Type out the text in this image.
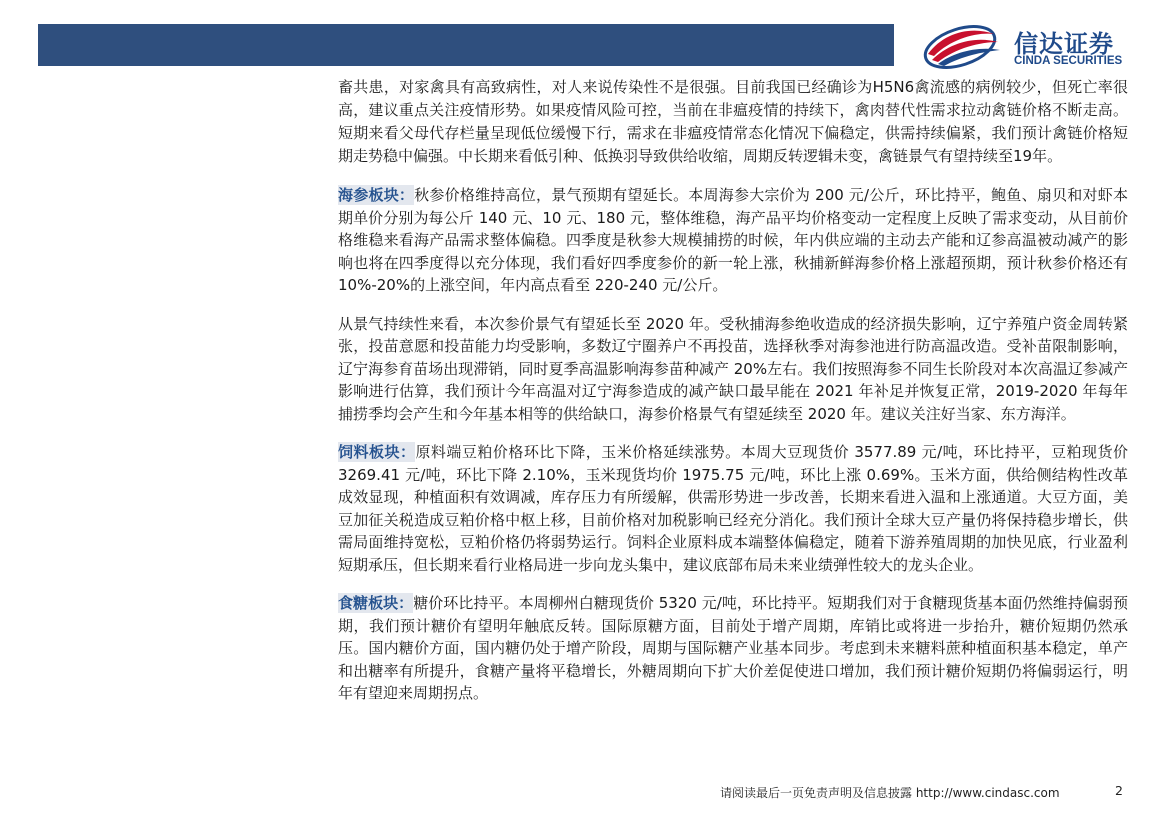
信达证券
CINDA SECURITIES

畜共患，对家禽具有高致病性，对人来说传染性不是很强。目前我国已经确诊为H5N6禽流感的病例较少，但死亡率很高，建议重点关注疫情形势。如果疫情风险可控，当前在非瘟疫情的持续下，禽肉替代性需求拉动禽链价格不断走高。短期来看父母代存栏量呈现低位缓慢下行，需求在非瘟疫情常态化情况下偏稳定，供需持续偏紧，我们预计禽链价格短期走势稳中偏强。中长期来看低引种、低换羽导致供给收缩，周期反转逻辑未变，禽链景气有望持续至19年。

海参板块：秋参价格维持高位，景气预期有望延长。本周海参大宗价为 200 元/公斤，环比持平，鲍鱼、扇贝和对虾本期单价分别为每公斤 140 元、10 元、180 元，整体维稳，海产品平均价格变动一定程度上反映了需求变动，从目前价格维稳来看海产品需求整体偏稳。四季度是秋参大规模捕捞的时候，年内供应端的主动去产能和辽参高温被动减产的影响也将在四季度得以充分体现，我们看好四季度参价的新一轮上涨，秋捕新鲜海参价格上涨超预期，预计秋参价格还有 10%-20%的上涨空间，年内高点看至 220-240 元/公斤。

从景气持续性来看，本次参价景气有望延长至 2020 年。受秋捕海参绝收造成的经济损失影响，辽宁养殖户资金周转紧张，投苗意愿和投苗能力均受影响，多数辽宁圈养户不再投苗，选择秋季对海参池进行防高温改造。受补苗限制影响，辽宁海参育苗场出现滞销，同时夏季高温影响海参苗种减产 20%左右。我们按照海参不同生长阶段对本次高温辽参减产影响进行估算，我们预计今年高温对辽宁海参造成的减产缺口最早能在 2021 年补足并恢复正常，2019-2020 年每年捕捞季均会产生和今年基本相等的供给缺口，海参价格景气有望延续至 2020 年。建议关注好当家、东方海洋。

饲料板块：原料端豆粕价格环比下降，玉米价格延续涨势。本周大豆现货价 3577.89 元/吨，环比持平，豆粕现货价 3269.41 元/吨，环比下降 2.10%，玉米现货均价 1975.75 元/吨，环比上涨 0.69%。玉米方面，供给侧结构性改革成效显现，种植面积有效调减，库存压力有所缓解，供需形势进一步改善，长期来看进入温和上涨通道。大豆方面，美豆加征关税造成豆粕价格中枢上移，目前价格对加税影响已经充分消化。我们预计全球大豆产量仍将保持稳步增长，供需局面维持宽松，豆粕价格仍将弱势运行。饲料企业原料成本端整体偏稳定，随着下游养殖周期的加快见底，行业盈利短期承压，但长期来看行业格局进一步向龙头集中，建议底部布局未来业绩弹性较大的龙头企业。

食糖板块：糖价环比持平。本周柳州白糖现货价 5320 元/吨，环比持平。短期我们对于食糖现货基本面仍然维持偏弱预期，我们预计糖价有望明年触底反转。国际原糖方面，目前处于增产周期，库销比或将进一步抬升，糖价短期仍然承压。国内糖价方面，国内糖仍处于增产阶段，周期与国际糖产业基本同步。考虑到未来糖料蔗种植面积基本稳定，单产和出糖率有所提升，食糖产量将平稳增长，外糖周期向下扩大价差促使进口增加，我们预计糖价短期仍将偏弱运行，明年有望迎来周期拐点。

请阅读最后一页免责声明及信息披露 http://www.cindasc.com	2
